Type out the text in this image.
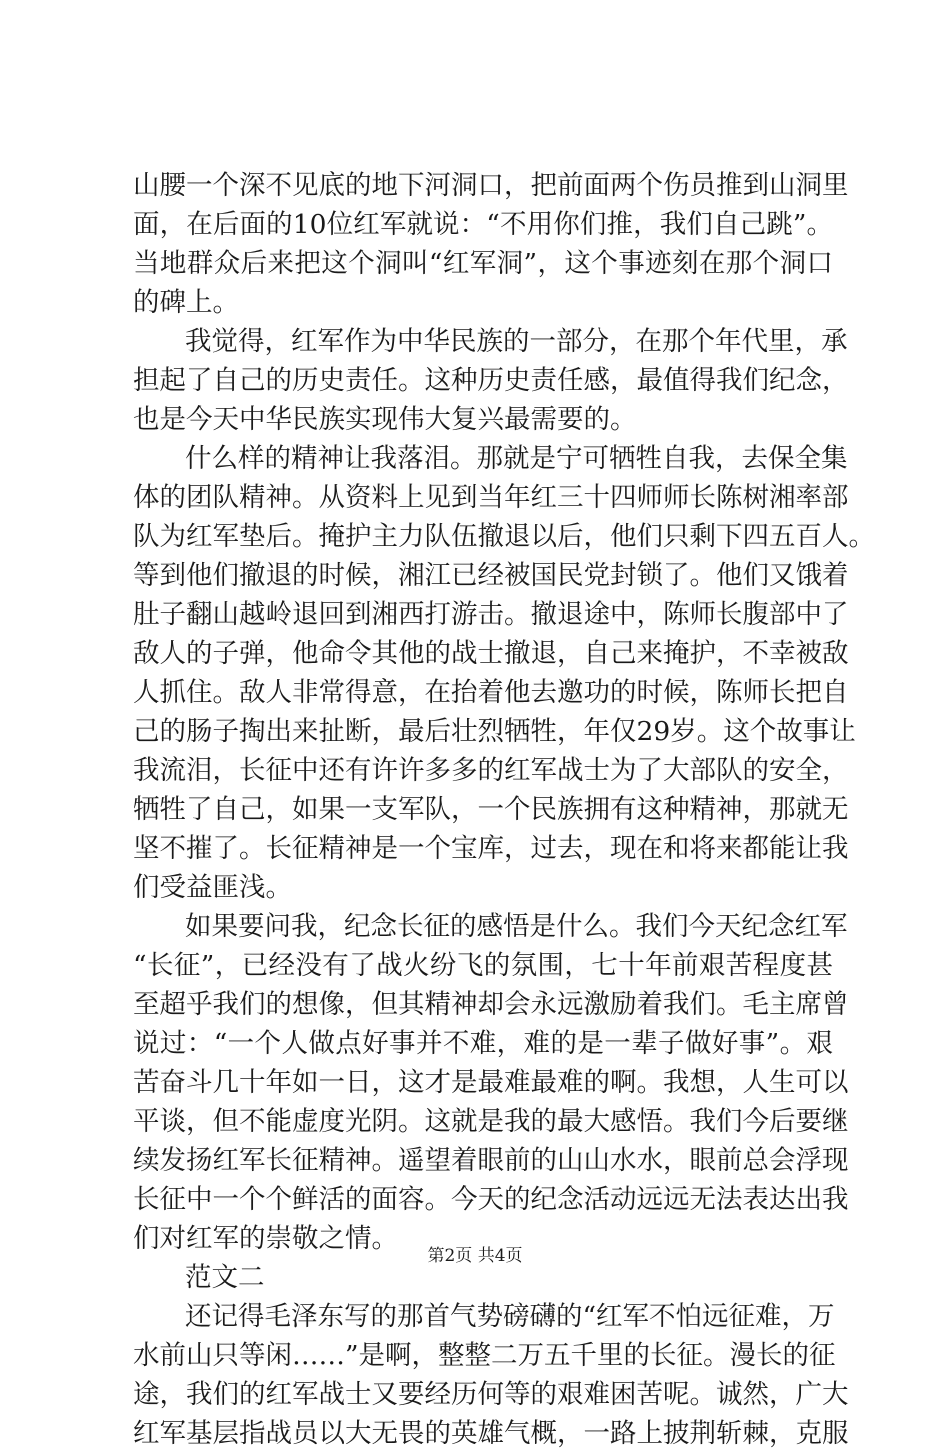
山腰一个深不见底的地下河洞口，把前面两个伤员推到山洞里
面，在后面的10位红军就说：“不用你们推，我们自己跳”。
当地群众后来把这个洞叫“红军洞”，这个事迹刻在那个洞口
的碑上。
我觉得，红军作为中华民族的一部分，在那个年代里，承
担起了自己的历史责任。这种历史责任感，最值得我们纪念，
也是今天中华民族实现伟大复兴最需要的。
什么样的精神让我落泪。那就是宁可牺牲自我，去保全集
体的团队精神。从资料上见到当年红三十四师师长陈树湘率部
队为红军垫后。掩护主力队伍撤退以后，他们只剩下四五百人。
等到他们撤退的时候，湘江已经被国民党封锁了。他们又饿着
肚子翻山越岭退回到湘西打游击。撤退途中，陈师长腹部中了
敌人的子弹，他命令其他的战士撤退，自己来掩护，不幸被敌
人抓住。敌人非常得意，在抬着他去邀功的时候，陈师长把自
己的肠子掏出来扯断，最后壮烈牺牲，年仅29岁。这个故事让
我流泪，长征中还有许许多多的红军战士为了大部队的安全，
牺牲了自己，如果一支军队，一个民族拥有这种精神，那就无
坚不摧了。长征精神是一个宝库，过去，现在和将来都能让我
们受益匪浅。
如果要问我，纪念长征的感悟是什么。我们今天纪念红军
“长征”，已经没有了战火纷飞的氛围，七十年前艰苦程度甚
至超乎我们的想像，但其精神却会永远激励着我们。毛主席曾
说过：“一个人做点好事并不难，难的是一辈子做好事”。艰
苦奋斗几十年如一日，这才是最难最难的啊。我想，人生可以
平谈，但不能虚度光阴。这就是我的最大感悟。我们今后要继
续发扬红军长征精神。遥望着眼前的山山水水，眼前总会浮现
长征中一个个鲜活的面容。今天的纪念活动远远无法表达出我
们对红军的崇敬之情。
范文二
还记得毛泽东写的那首气势磅礴的“红军不怕远征难，万
水前山只等闲……”是啊，整整二万五千里的长征。漫长的征
途，我们的红军战士又要经历何等的艰难困苦呢。诚然，广大
红军基层指战员以大无畏的英雄气概，一路上披荆斩棘，克服
第2页 共4页
